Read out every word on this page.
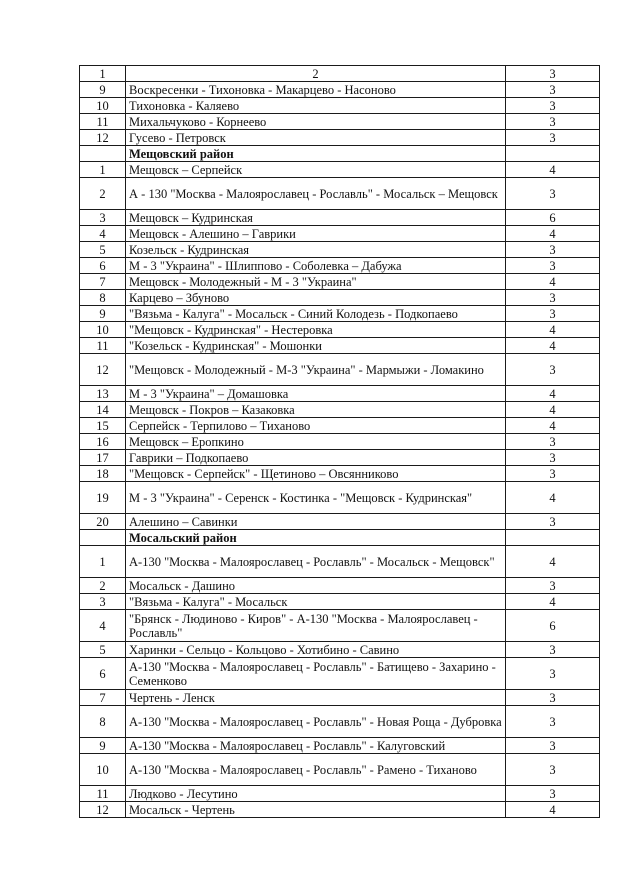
1	2	3
9	Воскресенки - Тихоновка - Макарцево - Насоново	3
10	Тихоновка - Каляево	3
11	Михальчуково - Корнеево	3
12	Гусево - Петровск	3
	Мещовский район	
1	Мещовск – Серпейск	4
2	А - 130 "Москва - Малоярославец - Рославль" - Мосальск – Мещовск	3
3	Мещовск – Кудринская	6
4	Мещовск - Алешино – Гаврики	4
5	Козельск - Кудринская	3
6	М - 3 "Украина" - Шлиппово - Соболевка – Дабужа	3
7	Мещовск - Молодежный - М - 3 "Украина"	4
8	Карцево – Збуново	3
9	"Вязьма - Калуга" - Мосальск - Синий Колодезь - Подкопаево	3
10	"Мещовск - Кудринская" - Нестеровка	4
11	"Козельск - Кудринская" - Мошонки	4
12	"Мещовск - Молодежный - М-3 "Украина" - Мармыжи - Ломакино	3
13	М - 3 "Украина" – Домашовка	4
14	Мещовск - Покров – Казаковка	4
15	Серпейск - Терпилово – Тиханово	4
16	Мещовск – Еропкино	3
17	Гаврики – Подкопаево	3
18	"Мещовск - Серпейск" - Щетиново – Овсянниково	3
19	М - 3 "Украина" - Серенск - Костинка - "Мещовск - Кудринская"	4
20	Алешино – Савинки	3
	Мосальский район	
1	А-130 "Москва - Малоярославец - Рославль" - Мосальск - Мещовск"	4
2	Мосальск - Дашино	3
3	"Вязьма - Калуга" - Мосальск	4
4	"Брянск - Людиново - Киров" - А-130 "Москва - Малоярославец - Рославль"	6
5	Харинки - Сельцо - Кольцово - Хотибино - Савино	3
6	А-130 "Москва - Малоярославец - Рославль" - Батищево - Захарино - Семенково	3
7	Чертень - Ленск	3
8	А-130 "Москва - Малоярославец - Рославль" - Новая Роща - Дубровка	3
9	А-130 "Москва - Малоярославец - Рославль" - Калуговский	3
10	А-130 "Москва - Малоярославец - Рославль" - Рамено - Тиханово	3
11	Людково - Лесутино	3
12	Мосальск - Чертень	4
